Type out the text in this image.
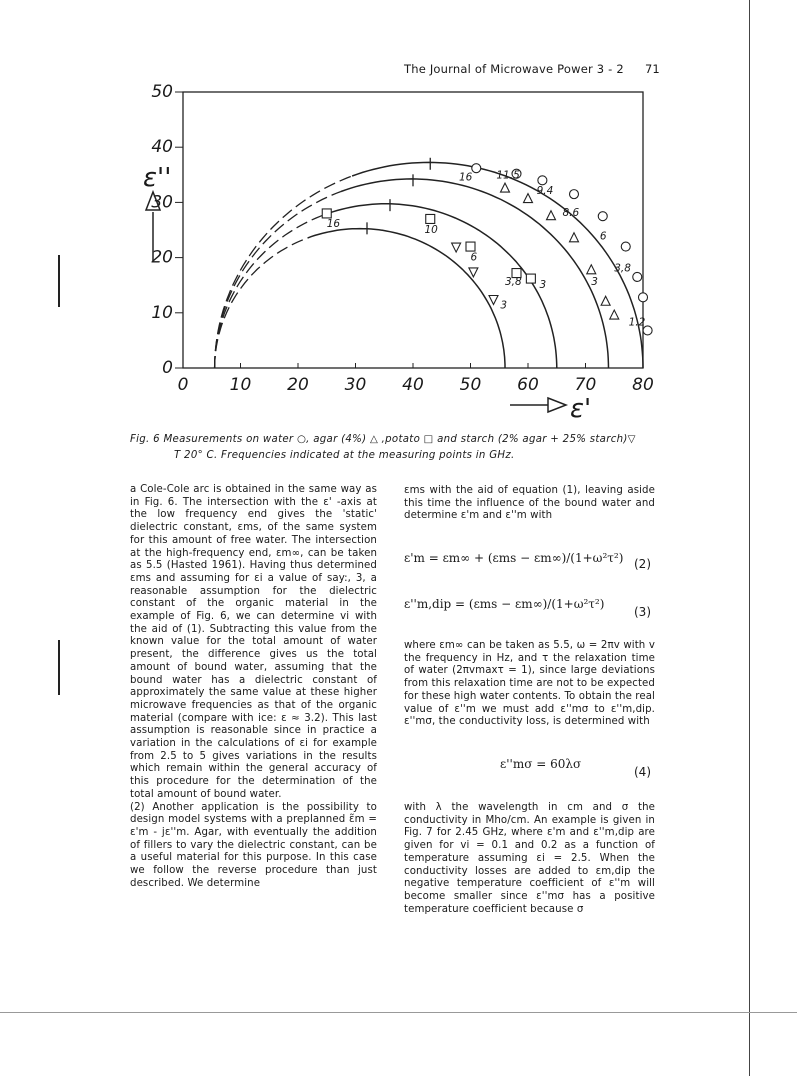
The Journal of Microwave Power 3 - 2 71
0 10 20 30 40 50 60 70 80
0
10
20
30
40
50
ε''
ε'
16
9.4
8.6
6
3,8
1.2
11.5
3
16	10
6
3,8 3
3
Fig. 6 Measurements on water ○, agar (4%) △ ,potato □ and starch (2% agar + 25% starch)▽
T 20° C. Frequencies indicated at the measuring points in GHz.

a Cole-Cole arc is obtained in the same way as in Fig. 6. The intersection with the ε' -axis at the low frequency end gives the 'static' dielectric constant, εms, of the same system for this amount of free water. The intersection at the high-frequency end, εm∞, can be taken as 5.5 (Hasted 1961). Having thus determined εms and assuming for εi a value of say:, 3, a reasonable assumption for the dielectric constant of the organic material in the example of Fig. 6, we can determine vi with the aid of (1). Subtracting this value from the known value for the total amount of water present, the difference gives us the total amount of bound water, assuming that the bound water has a dielectric constant of approximately the same value at these higher microwave frequencies as that of the organic material (compare with ice: ε ≈ 3.2). This last assumption is reasonable since in practice a variation in the calculations of εi for example from 2.5 to 5 gives variations in the results which remain within the general accuracy of this procedure for the determination of the total amount of bound water.

(2) Another application is the possibility to design model systems with a preplanned ε̃m = ε'm - jε''m. Agar, with eventually the addition of fillers to vary the dielectric constant, can be a useful material for this purpose. In this case we follow the reverse procedure than just described. We determine

εms with the aid of equation (1), leaving aside this time the influence of the bound water and determine ε'm and ε''m with
ε'm = εm∞ + (εms − εm∞)/(1+ω²τ²) (2)
ε''m,dip = (εms − εm∞)/(1+ω²τ²)
(3)
where εm∞ can be taken as 5.5, ω = 2πv with v the frequency in Hz, and τ the relaxation time of water (2πvmaxτ = 1), since large deviations from this relaxation time are not to be expected for these high water contents. To obtain the real value of ε''m we must add ε''mσ to ε''m,dip. ε''mσ, the conductivity loss, is determined with
ε''mσ = 60λσ
(4)
with λ the wavelength in cm and σ the conductivity in Mho/cm. An example is given in Fig. 7 for 2.45 GHz, where ε'm and ε''m,dip are given for vi = 0.1 and 0.2 as a function of temperature assuming εi = 2.5. When the conductivity losses are added to εm,dip the negative temperature coefficient of ε''m will become smaller since ε''mσ has a positive temperature coefficient because σ
